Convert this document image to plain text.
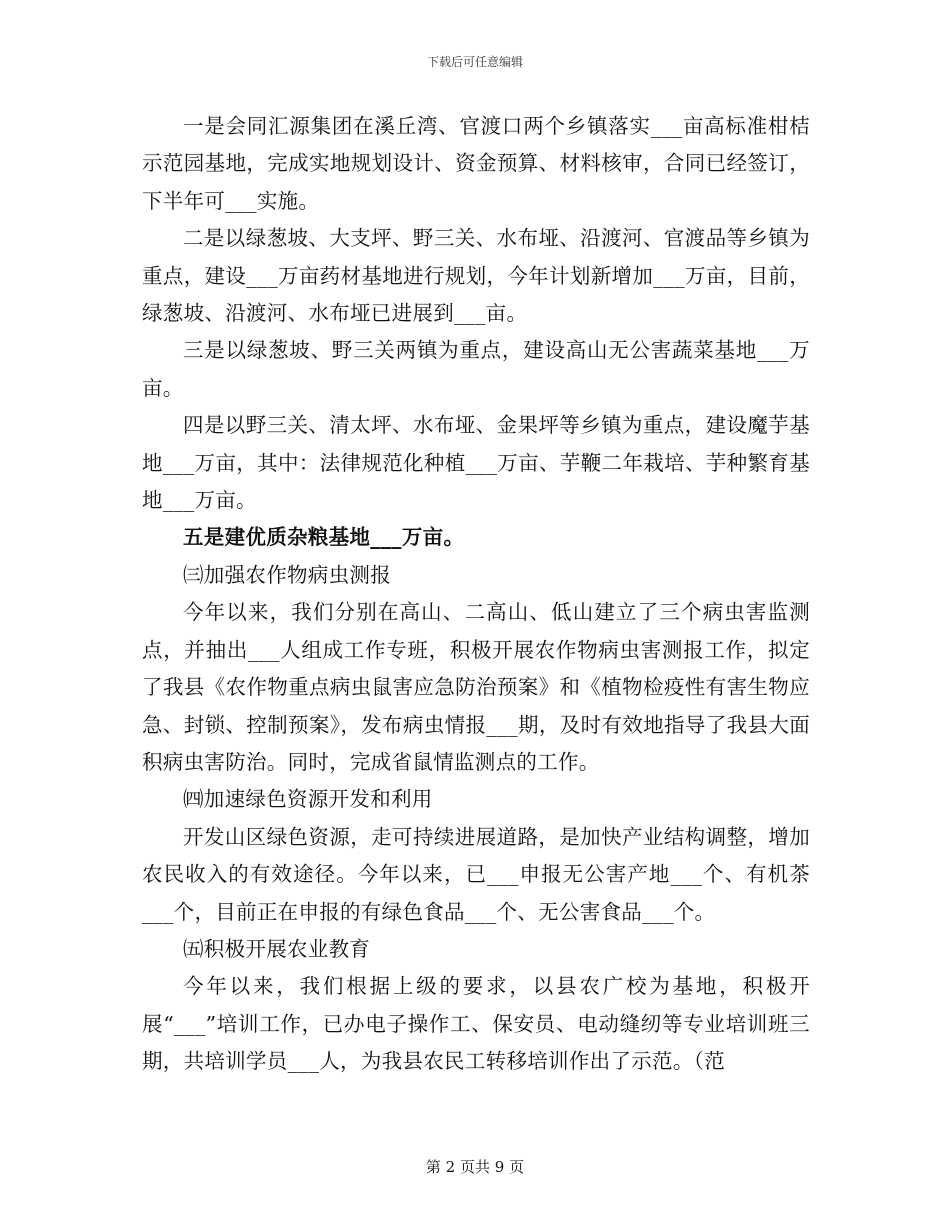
下载后可任意编辑

一是会同汇源集团在溪丘湾、官渡口两个乡镇落实___亩高标准柑桔示范园基地，完成实地规划设计、资金预算、材料核审，合同已经签订，下半年可___实施。

二是以绿葱坡、大支坪、野三关、水布垭、沿渡河、官渡品等乡镇为重点，建设___万亩药材基地进行规划，今年计划新增加___万亩，目前，绿葱坡、沿渡河、水布垭已进展到___亩。

三是以绿葱坡、野三关两镇为重点，建设高山无公害蔬菜基地___万亩。

四是以野三关、清太坪、水布垭、金果坪等乡镇为重点，建设魔芋基地___万亩，其中：法律规范化种植___万亩、芋鞭二年栽培、芋种繁育基地___万亩。

五是建优质杂粮基地___万亩。

㈢加强农作物病虫测报

今年以来，我们分别在高山、二高山、低山建立了三个病虫害监测点，并抽出___人组成工作专班，积极开展农作物病虫害测报工作，拟定了我县《农作物重点病虫鼠害应急防治预案》和《植物检疫性有害生物应急、封锁、控制预案》，发布病虫情报___期，及时有效地指导了我县大面积病虫害防治。同时，完成省鼠情监测点的工作。

㈣加速绿色资源开发和利用

开发山区绿色资源，走可持续进展道路，是加快产业结构调整，增加农民收入的有效途径。今年以来，已___申报无公害产地___个、有机茶___个，目前正在申报的有绿色食品___个、无公害食品___个。

㈤积极开展农业教育

今年以来，我们根据上级的要求，以县农广校为基地，积极开展“___”培训工作，已办电子操作工、保安员、电动缝纫等专业培训班三期，共培训学员___人，为我县农民工转移培训作出了示范。（范

第 2 页共 9 页
